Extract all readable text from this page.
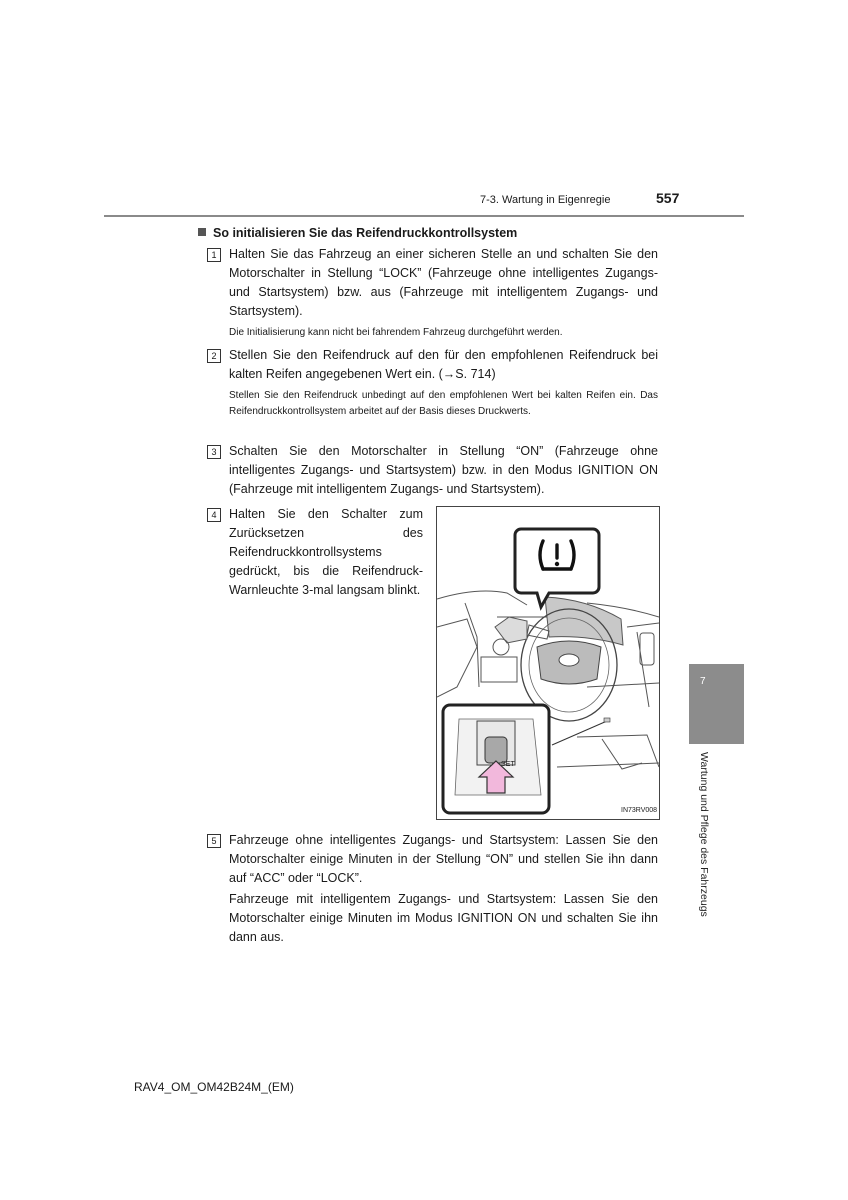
7-3. Wartung in Eigenregie	557
So initialisieren Sie das Reifendruckkontrollsystem
1	Halten Sie das Fahrzeug an einer sicheren Stelle an und schalten Sie den Motorschalter in Stellung “LOCK” (Fahrzeuge ohne intelligentes Zugangs- und Startsystem) bzw. aus (Fahrzeuge mit intelligentem Zugangs- und Startsystem).
Die Initialisierung kann nicht bei fahrendem Fahrzeug durchgeführt werden.
2	Stellen Sie den Reifendruck auf den für den empfohlenen Reifendruck bei kalten Reifen angegebenen Wert ein. (→S. 714)
Stellen Sie den Reifendruck unbedingt auf den empfohlenen Wert bei kalten Reifen ein. Das Reifendruckkontrollsystem arbeitet auf der Basis dieses Druckwerts.
3	Schalten Sie den Motorschalter in Stellung “ON” (Fahrzeuge ohne intelligentes Zugangs- und Startsystem) bzw. in den Modus IGNITION ON (Fahrzeuge mit intelligentem Zugangs- und Startsystem).
4	Halten Sie den Schalter zum Zurücksetzen des Reifendruckkontrollsystems gedrückt, bis die Reifendruck-Warnleuchte 3-mal langsam blinkt.
SET
IN73RV008
5	Fahrzeuge ohne intelligentes Zugangs- und Startsystem: Lassen Sie den Motorschalter einige Minuten in der Stellung “ON” und stellen Sie ihn dann auf “ACC” oder “LOCK”.
Fahrzeuge mit intelligentem Zugangs- und Startsystem: Lassen Sie den Motorschalter einige Minuten im Modus IGNITION ON und schalten Sie ihn dann aus.
7
Wartung und Pflege des Fahrzeugs
RAV4_OM_OM42B24M_(EM)
